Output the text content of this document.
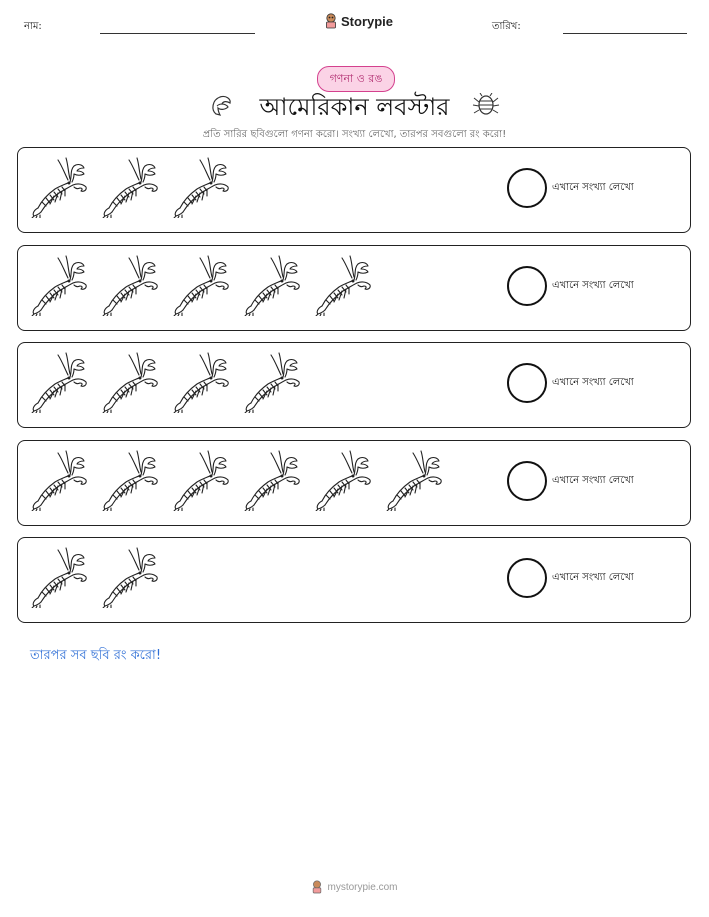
নাম:	Storypie	তারিখ:
গণনা ও রঙ
আমেরিকান লবস্টার
প্রতি সারির ছবিগুলো গণনা করো। সংখ্যা লেখো, তারপর সবগুলো রং করো!
এখানে সংখ্যা লেখো
এখানে সংখ্যা লেখো
এখানে সংখ্যা লেখো
এখানে সংখ্যা লেখো
এখানে সংখ্যা লেখো
তারপর সব ছবি রং করো!
mystorypie.com
